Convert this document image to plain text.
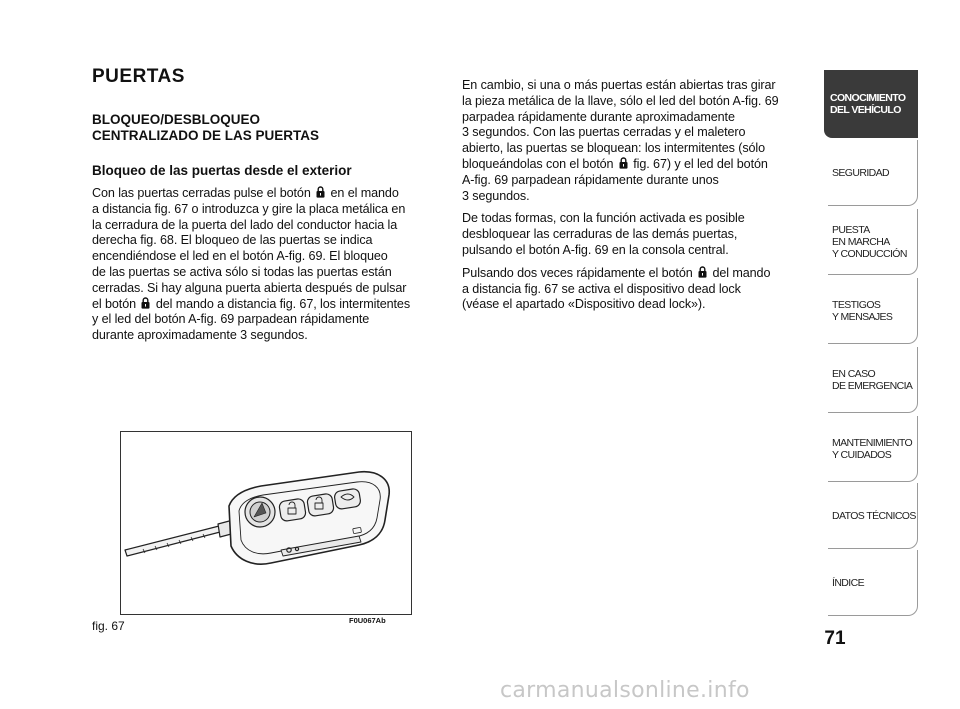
PUERTAS
BLOQUEO/DESBLOQUEO
CENTRALIZADO DE LAS PUERTAS
Bloqueo de las puertas desde el exterior

Con las puertas cerradas pulse el botón  en el mando
a distancia fig. 67 o introduzca y gire la placa metálica en
la cerradura de la puerta del lado del conductor hacia la
derecha fig. 68. El bloqueo de las puertas se indica
encendiéndose el led en el botón A-fig. 69. El bloqueo
de las puertas se activa sólo si todas las puertas están
cerradas. Si hay alguna puerta abierta después de pulsar
el botón  del mando a distancia fig. 67, los intermitentes
y el led del botón A-fig. 69 parpadean rápidamente
durante aproximadamente 3 segundos.

En cambio, si una o más puertas están abiertas tras girar
la pieza metálica de la llave, sólo el led del botón A-fig. 69
parpadea rápidamente durante aproximadamente
3 segundos. Con las puertas cerradas y el maletero
abierto, las puertas se bloquean: los intermitentes (sólo
bloqueándolas con el botón  fig. 67) y el led del botón
A-fig. 69 parpadean rápidamente durante unos
3 segundos.

De todas formas, con la función activada es posible
desbloquear las cerraduras de las demás puertas,
pulsando el botón A-fig. 69 en la consola central.

Pulsando dos veces rápidamente el botón  del mando
a distancia fig. 67 se activa el dispositivo dead lock
(véase el apartado «Dispositivo dead lock»).

fig. 67	F0U067Ab

71

CONOCIMIENTO
DEL VEHÍCULO
SEGURIDAD
PUESTA
EN MARCHA
Y CONDUCCIÓN
TESTIGOS
Y MENSAJES
EN CASO
DE EMERGENCIA
MANTENIMIENTO
Y CUIDADOS
DATOS TÉCNICOS
ÍNDICE

carmanualsonline.info
